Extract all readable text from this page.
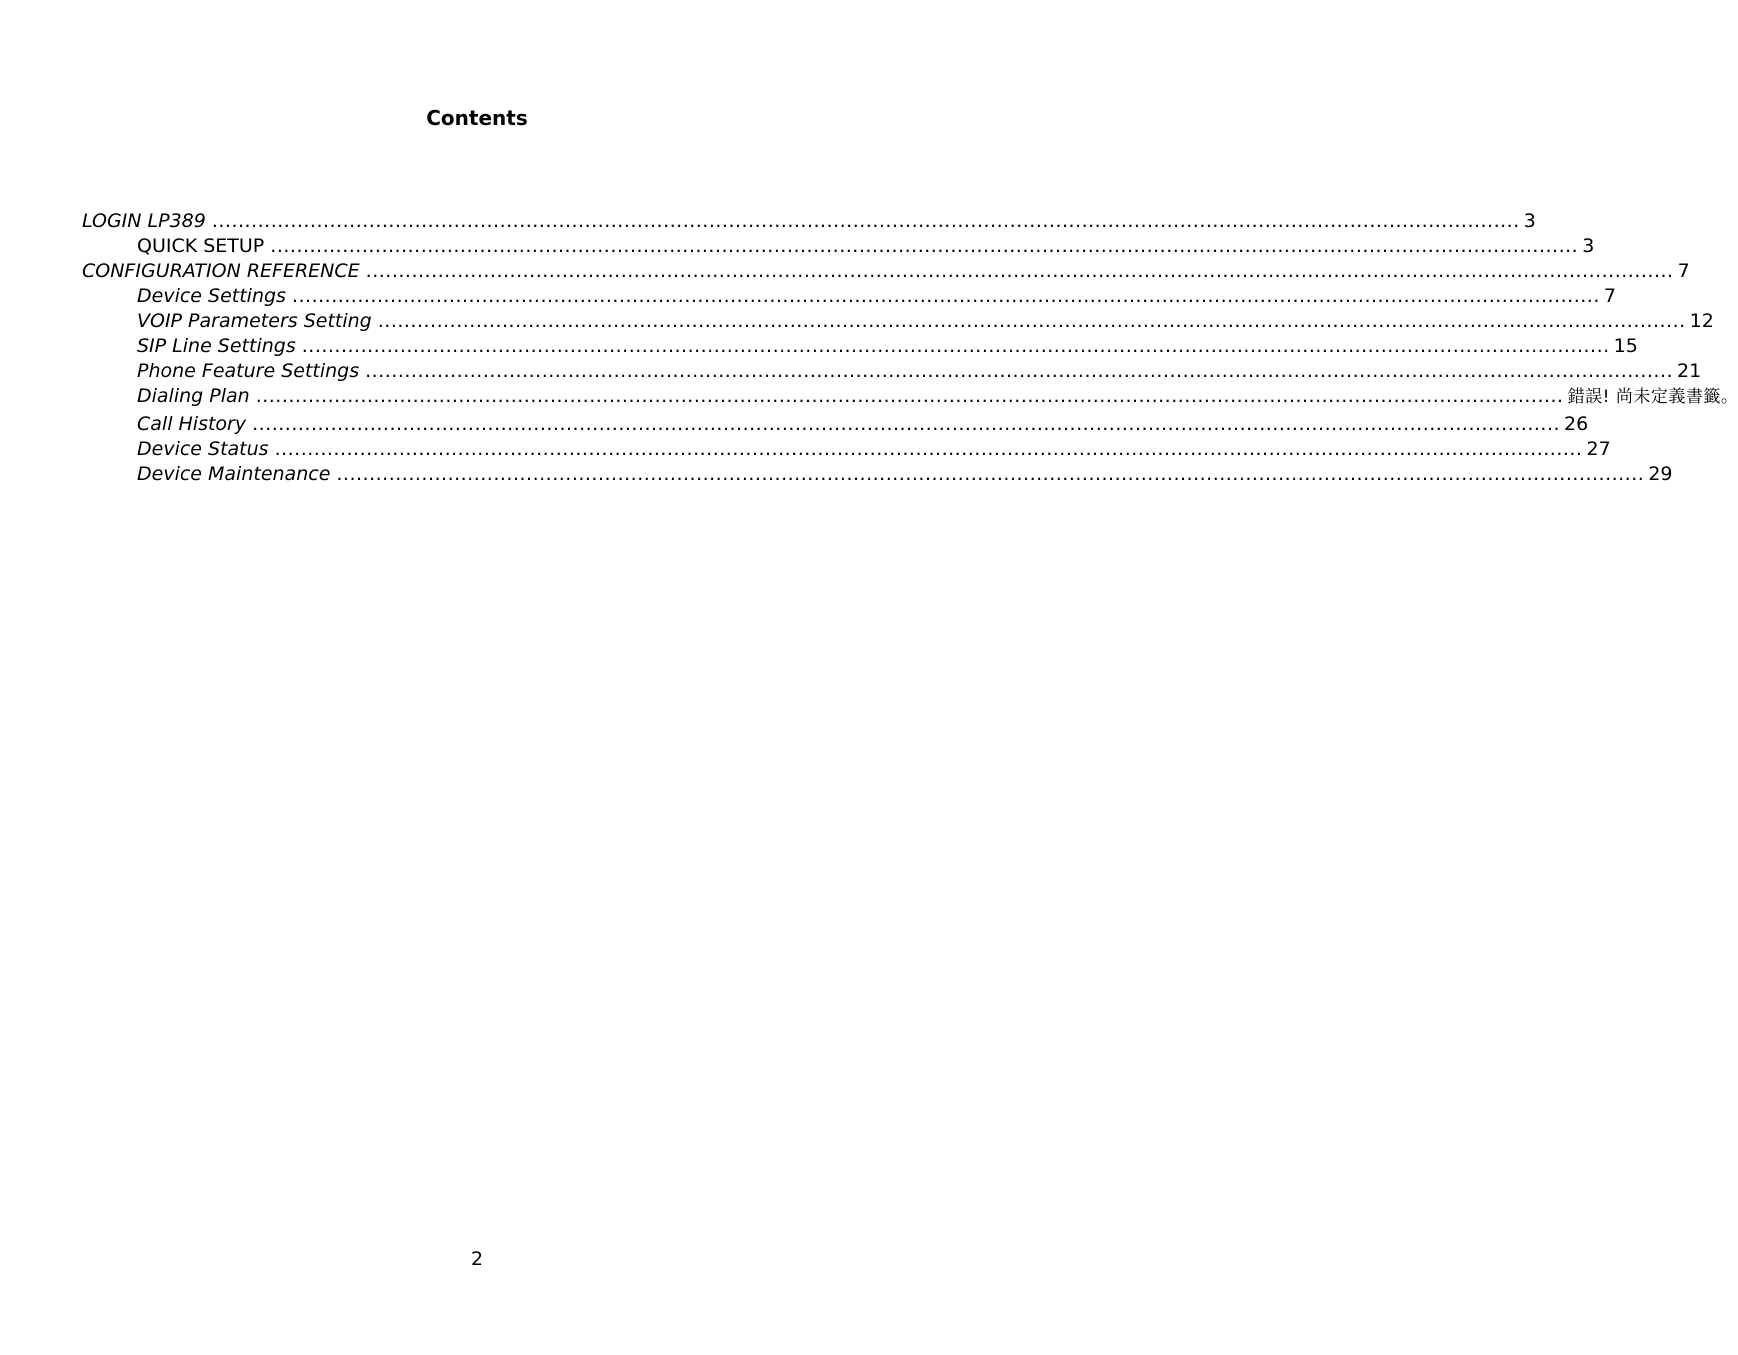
Contents
LOGIN LP389 ........................................................................................................................................................................................................ 3
QUICK SETUP ........................................................................................................................................................................................................ 3
CONFIGURATION REFERENCE ........................................................................................................................................................................................................ 7
Device Settings ........................................................................................................................................................................................................ 7
VOIP Parameters Setting ........................................................................................................................................................................................................ 12
SIP Line Settings ........................................................................................................................................................................................................ 15
Phone Feature Settings ........................................................................................................................................................................................................ 21
Dialing Plan ........................................................................................................................................................................................................ 錯誤! 尚未定義書籤。
Call History ........................................................................................................................................................................................................ 26
Device Status ........................................................................................................................................................................................................ 27
Device Maintenance ........................................................................................................................................................................................................ 29
2
